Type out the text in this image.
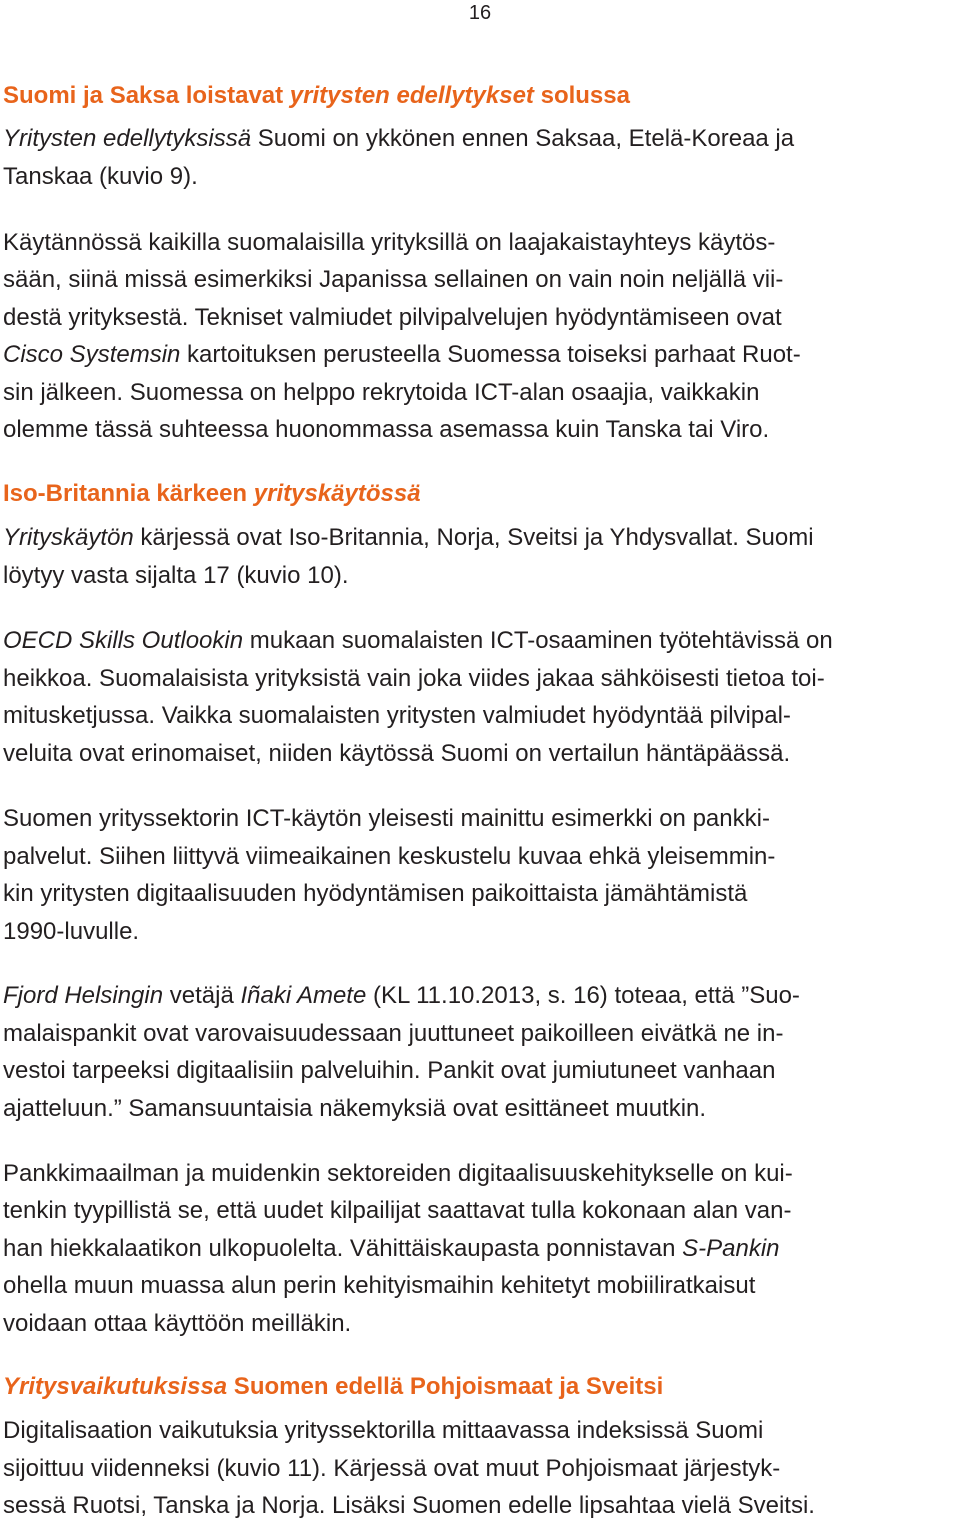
16
Suomi ja Saksa loistavat yritysten edellytykset solussa
Yritysten edellytyksissä Suomi on ykkönen ennen Saksaa, Etelä-Koreaa ja
Tanskaa (kuvio 9).
Käytännössä kaikilla suomalaisilla yrityksillä on laajakaistayhteys käytös-
sään, siinä missä esimerkiksi Japanissa sellainen on vain noin neljällä vii-
destä yrityksestä. Tekniset valmiudet pilvipalvelujen hyödyntämiseen ovat
Cisco Systemsin kartoituksen perusteella Suomessa toiseksi parhaat Ruot-
sin jälkeen. Suomessa on helppo rekrytoida ICT-alan osaajia, vaikkakin
olemme tässä suhteessa huonommassa asemassa kuin Tanska tai Viro.
Iso-Britannia kärkeen yrityskäytössä
Yrityskäytön kärjessä ovat Iso-Britannia, Norja, Sveitsi ja Yhdysvallat. Suomi
löytyy vasta sijalta 17 (kuvio 10).
OECD Skills Outlookin mukaan suomalaisten ICT-osaaminen työtehtävissä on
heikkoa. Suomalaisista yrityksistä vain joka viides jakaa sähköisesti tietoa toi-
mitusketjussa. Vaikka suomalaisten yritysten valmiudet hyödyntää pilvipal-
veluita ovat erinomaiset, niiden käytössä Suomi on vertailun häntäpäässä.
Suomen yrityssektorin ICT-käytön yleisesti mainittu esimerkki on pankki-
palvelut. Siihen liittyvä viimeaikainen keskustelu kuvaa ehkä yleisemmin-
kin yritysten digitaalisuuden hyödyntämisen paikoittaista jämähtämistä
1990-luvulle.
Fjord Helsingin vetäjä Iñaki Amete (KL 11.10.2013, s. 16) toteaa, että ”Suo-
malaispankit ovat varovaisuudessaan juuttuneet paikoilleen eivätkä ne in-
vestoi tarpeeksi digitaalisiin palveluihin. Pankit ovat jumiutuneet vanhaan
ajatteluun.” Samansuuntaisia näkemyksiä ovat esittäneet muutkin.
Pankkimaailman ja muidenkin sektoreiden digitaalisuuskehitykselle on kui-
tenkin tyypillistä se, että uudet kilpailijat saattavat tulla kokonaan alan van-
han hiekkalaatikon ulkopuolelta. Vähittäiskaupasta ponnistavan S-Pankin
ohella muun muassa alun perin kehityismaihin kehitetyt mobiiliratkaisut
voidaan ottaa käyttöön meilläkin.
Yritysvaikutuksissa Suomen edellä Pohjoismaat ja Sveitsi
Digitalisaation vaikutuksia yrityssektorilla mittaavassa indeksissä Suomi
sijoittuu viidenneksi (kuvio 11). Kärjessä ovat muut Pohjoismaat järjestyk-
sessä Ruotsi, Tanska ja Norja. Lisäksi Suomen edelle lipsahtaa vielä Sveitsi.
